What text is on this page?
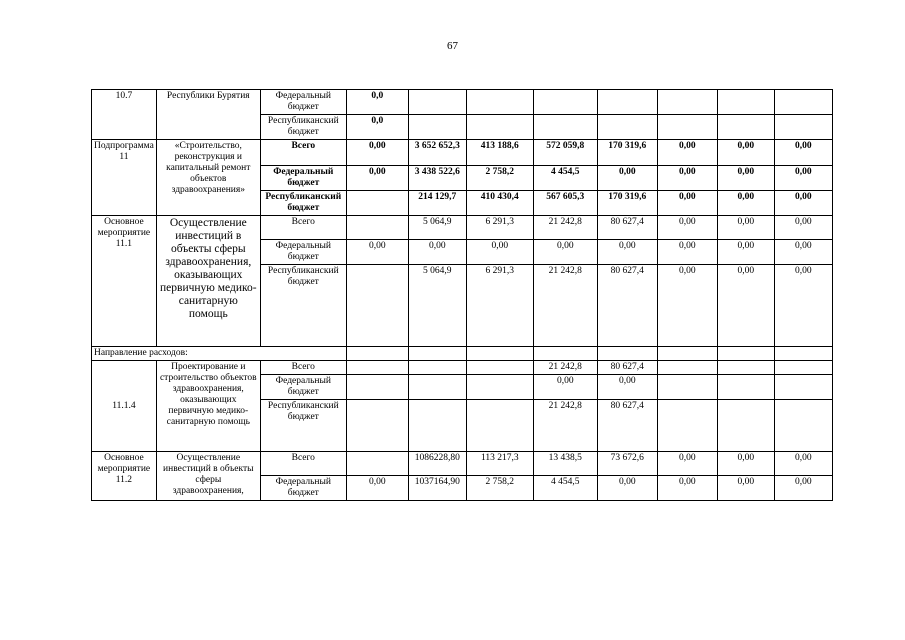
67
10.7	Республики Бурятия	Федеральный бюджет	0,0							
		Республиканский бюджет	0,0							
Подпрограмма 11	«Строительство, реконструкция и капитальный ремонт объектов здравоохранения»	Всего	0,00	3 652 652,3	413 188,6	572 059,8	170 319,6	0,00	0,00	0,00
		Федеральный бюджет	0,00	3 438 522,6	2 758,2	4 454,5	0,00	0,00	0,00	0,00
		Республиканский бюджет		214 129,7	410 430,4	567 605,3	170 319,6	0,00	0,00	0,00
Основное мероприятие 11.1	Осуществление инвестиций в объекты сферы здравоохранения, оказывающих первичную медико-санитарную помощь	Всего		5 064,9	6 291,3	21 242,8	80 627,4	0,00	0,00	0,00
		Федеральный бюджет	0,00	0,00	0,00	0,00	0,00	0,00	0,00	0,00
		Республиканский бюджет		5 064,9	6 291,3	21 242,8	80 627,4	0,00	0,00	0,00
Направление расходов:										
11.1.4	Проектирование и строительство объектов здравоохранения, оказывающих первичную медико-санитарную помощь	Всего				21 242,8	80 627,4			
		Федеральный бюджет				0,00	0,00			
		Республиканский бюджет				21 242,8	80 627,4			
Основное мероприятие 11.2	Осуществление инвестиций в объекты сферы здравоохранения,	Всего		1086228,80	113 217,3	13 438,5	73 672,6	0,00	0,00	0,00
		Федеральный бюджет	0,00	1037164,90	2 758,2	4 454,5	0,00	0,00	0,00	0,00
